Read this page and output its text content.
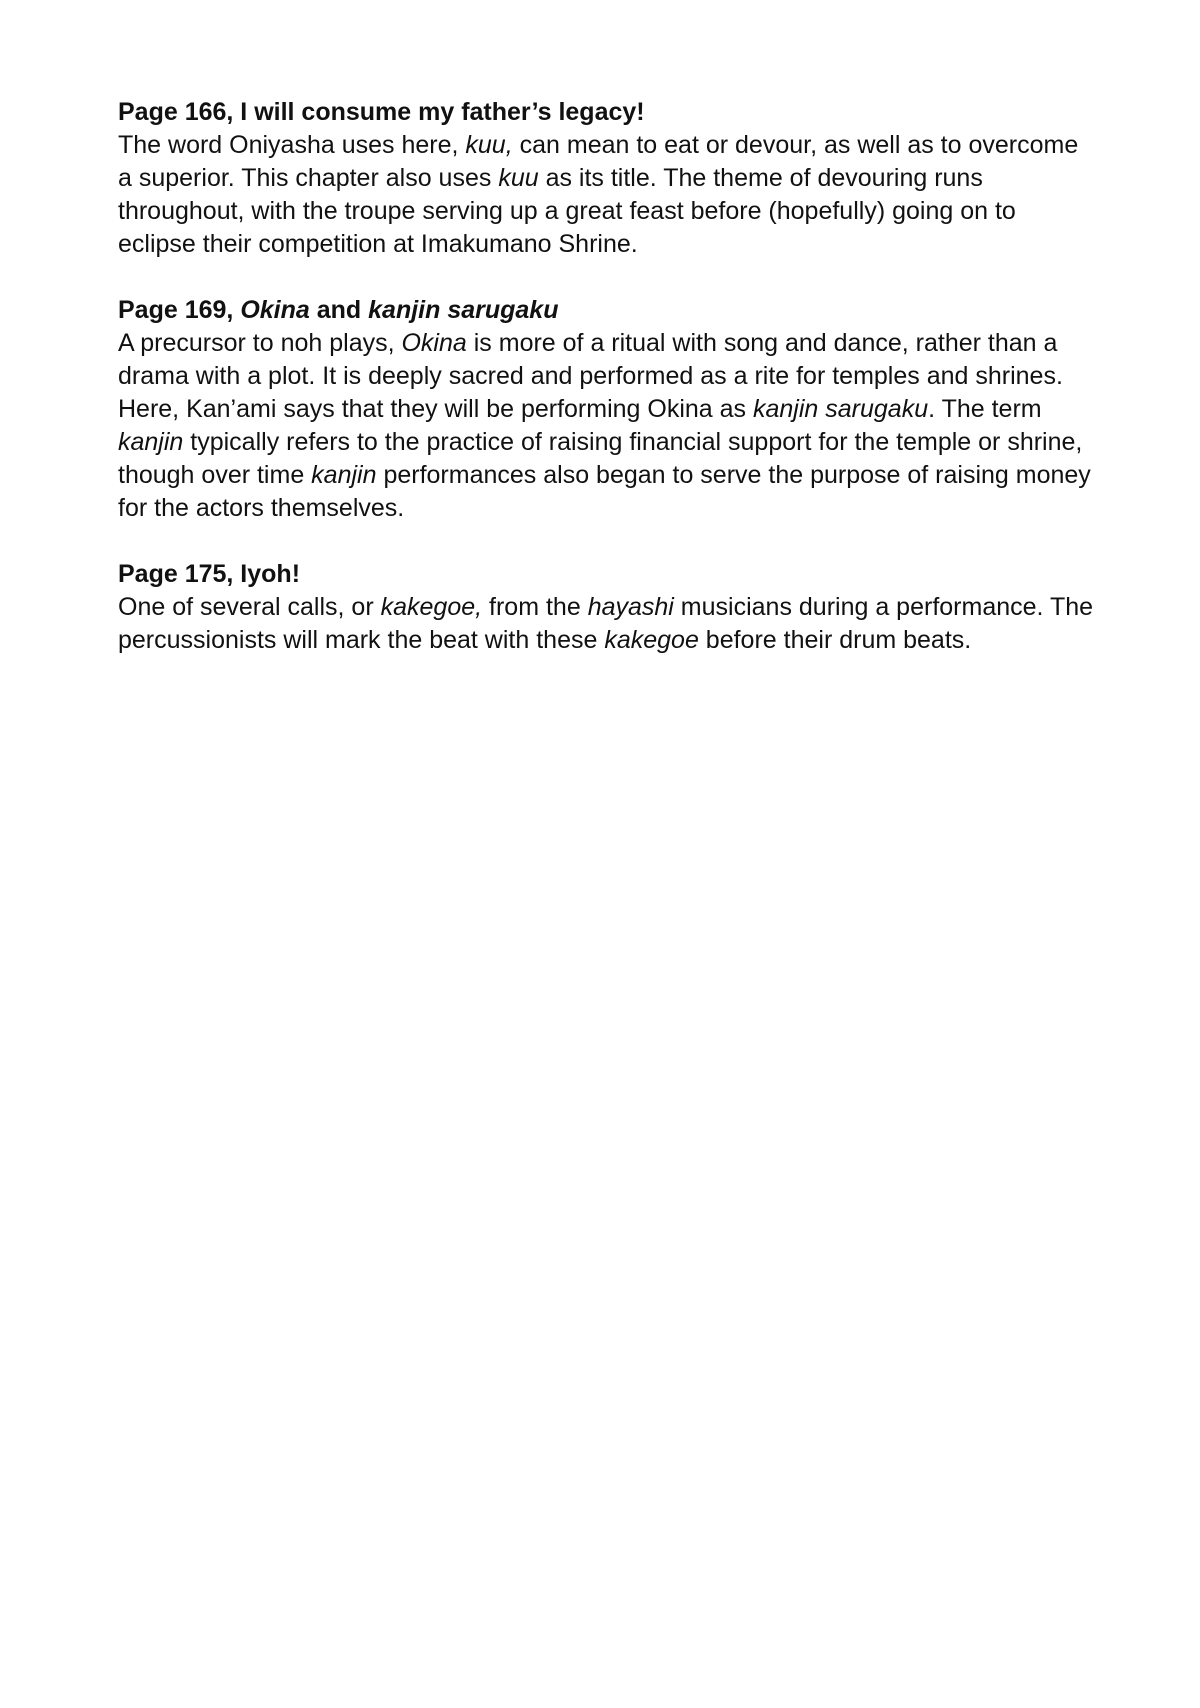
Page 166, I will consume my father’s legacy!

The word Oniyasha uses here, kuu, can mean to eat or devour, as well as to overcome a superior. This chapter also uses kuu as its title. The theme of devouring runs throughout, with the troupe serving up a great feast before (hopefully) going on to eclipse their competition at Imakumano Shrine.

Page 169, Okina and kanjin sarugaku

A precursor to noh plays, Okina is more of a ritual with song and dance, rather than a drama with a plot. It is deeply sacred and performed as a rite for temples and shrines. Here, Kan’ami says that they will be performing Okina as kanjin sarugaku. The term kanjin typically refers to the practice of raising financial support for the temple or shrine, though over time kanjin performances also began to serve the purpose of raising money for the actors themselves.

Page 175, Iyoh!

One of several calls, or kakegoe, from the hayashi musicians during a performance. The percussionists will mark the beat with these kakegoe before their drum beats.
